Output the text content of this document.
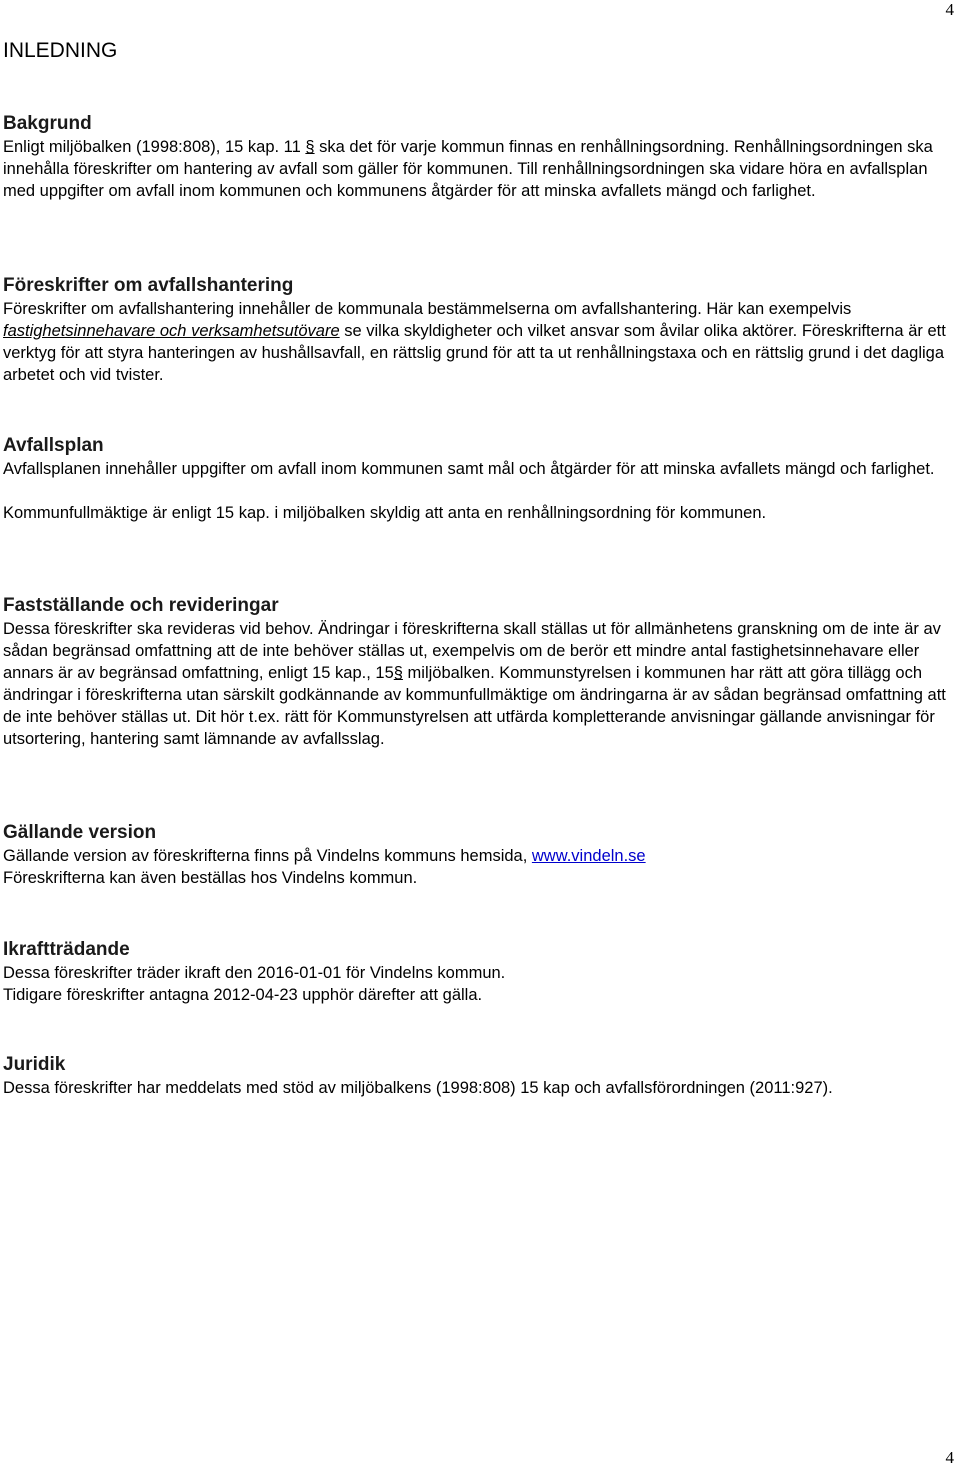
4
INLEDNING
Bakgrund

Enligt miljöbalken (1998:808), 15 kap. 11 § ska det för varje kommun finnas en renhållningsordning. Renhållningsordningen ska innehålla föreskrifter om hantering av avfall som gäller för kommunen. Till renhållningsordningen ska vidare höra en avfallsplan med uppgifter om avfall inom kommunen och kommunens åtgärder för att minska avfallets mängd och farlighet.

Föreskrifter om avfallshantering

Föreskrifter om avfallshantering innehåller de kommunala bestämmelserna om avfallshantering. Här kan exempelvis fastighetsinnehavare och verksamhetsutövare se vilka skyldigheter och vilket ansvar som åvilar olika aktörer. Föreskrifterna är ett verktyg för att styra hanteringen av hushållsavfall, en rättslig grund för att ta ut renhållningstaxa och en rättslig grund i det dagliga arbetet och vid tvister.

Avfallsplan

Avfallsplanen innehåller uppgifter om avfall inom kommunen samt mål och åtgärder för att minska avfallets mängd och farlighet.

Kommunfullmäktige är enligt 15 kap. i miljöbalken skyldig att anta en renhållningsordning för kommunen.

Fastställande och revideringar

Dessa föreskrifter ska revideras vid behov. Ändringar i föreskrifterna skall ställas ut för allmänhetens granskning om de inte är av sådan begränsad omfattning att de inte behöver ställas ut, exempelvis om de berör ett mindre antal fastighetsinnehavare eller annars är av begränsad omfattning, enligt 15 kap., 15§ miljöbalken. Kommunstyrelsen i kommunen har rätt att göra tillägg och ändringar i föreskrifterna utan särskilt godkännande av kommunfullmäktige om ändringarna är av sådan begränsad omfattning att de inte behöver ställas ut. Dit hör t.ex. rätt för Kommunstyrelsen att utfärda kompletterande anvisningar gällande anvisningar för utsortering, hantering samt lämnande av avfallsslag.

Gällande version

Gällande version av föreskrifterna finns på Vindelns kommuns hemsida, www.vindeln.se

Föreskrifterna kan även beställas hos Vindelns kommun.

Ikraftträdande

Dessa föreskrifter träder ikraft den 2016-01-01 för Vindelns kommun.

Tidigare föreskrifter antagna 2012-04-23 upphör därefter att gälla.

Juridik

Dessa föreskrifter har meddelats med stöd av miljöbalkens (1998:808) 15 kap och avfallsförordningen (2011:927).

4
